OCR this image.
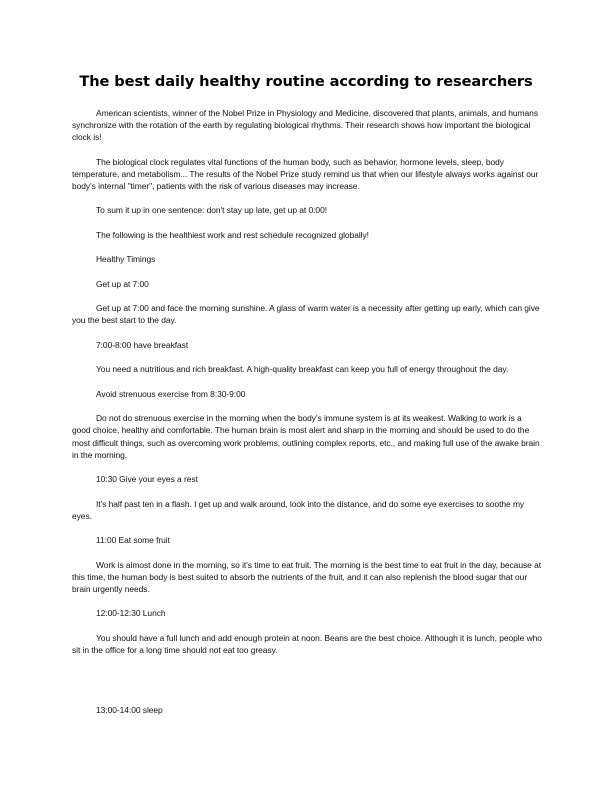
The best daily healthy routine according to researchers

American scientists, winner of the Nobel Prize in Physiology and Medicine, discovered that plants, animals, and humans synchronize with the rotation of the earth by regulating biological rhythms. Their research shows how important the biological clock is!

The biological clock regulates vital functions of the human body, such as behavior, hormone levels, sleep, body temperature, and metabolism... The results of the Nobel Prize study remind us that when our lifestyle always works against our body's internal "timer", patients with the risk of various diseases may increase.

To sum it up in one sentence: don't stay up late, get up at 0:00!

The following is the healthiest work and rest schedule recognized globally!

Healthy Timings

Get up at 7:00

Get up at 7:00 and face the morning sunshine. A glass of warm water is a necessity after getting up early, which can give you the best start to the day.

7:00-8:00 have breakfast

You need a nutritious and rich breakfast. A high-quality breakfast can keep you full of energy throughout the day.

Avoid strenuous exercise from 8:30-9:00

Do not do strenuous exercise in the morning when the body's immune system is at its weakest. Walking to work is a good choice, healthy and comfortable. The human brain is most alert and sharp in the morning and should be used to do the most difficult things, such as overcoming work problems, outlining complex reports, etc., and making full use of the awake brain in the morning.

10:30 Give your eyes a rest

It's half past ten in a flash. I get up and walk around, look into the distance, and do some eye exercises to soothe my eyes.

11:00 Eat some fruit

Work is almost done in the morning, so it's time to eat fruit. The morning is the best time to eat fruit in the day, because at this time, the human body is best suited to absorb the nutrients of the fruit, and it can also replenish the blood sugar that our brain urgently needs.

12:00-12:30 Lunch

You should have a full lunch and add enough protein at noon. Beans are the best choice. Although it is lunch, people who sit in the office for a long time should not eat too greasy.

13:00-14:00 sleep
